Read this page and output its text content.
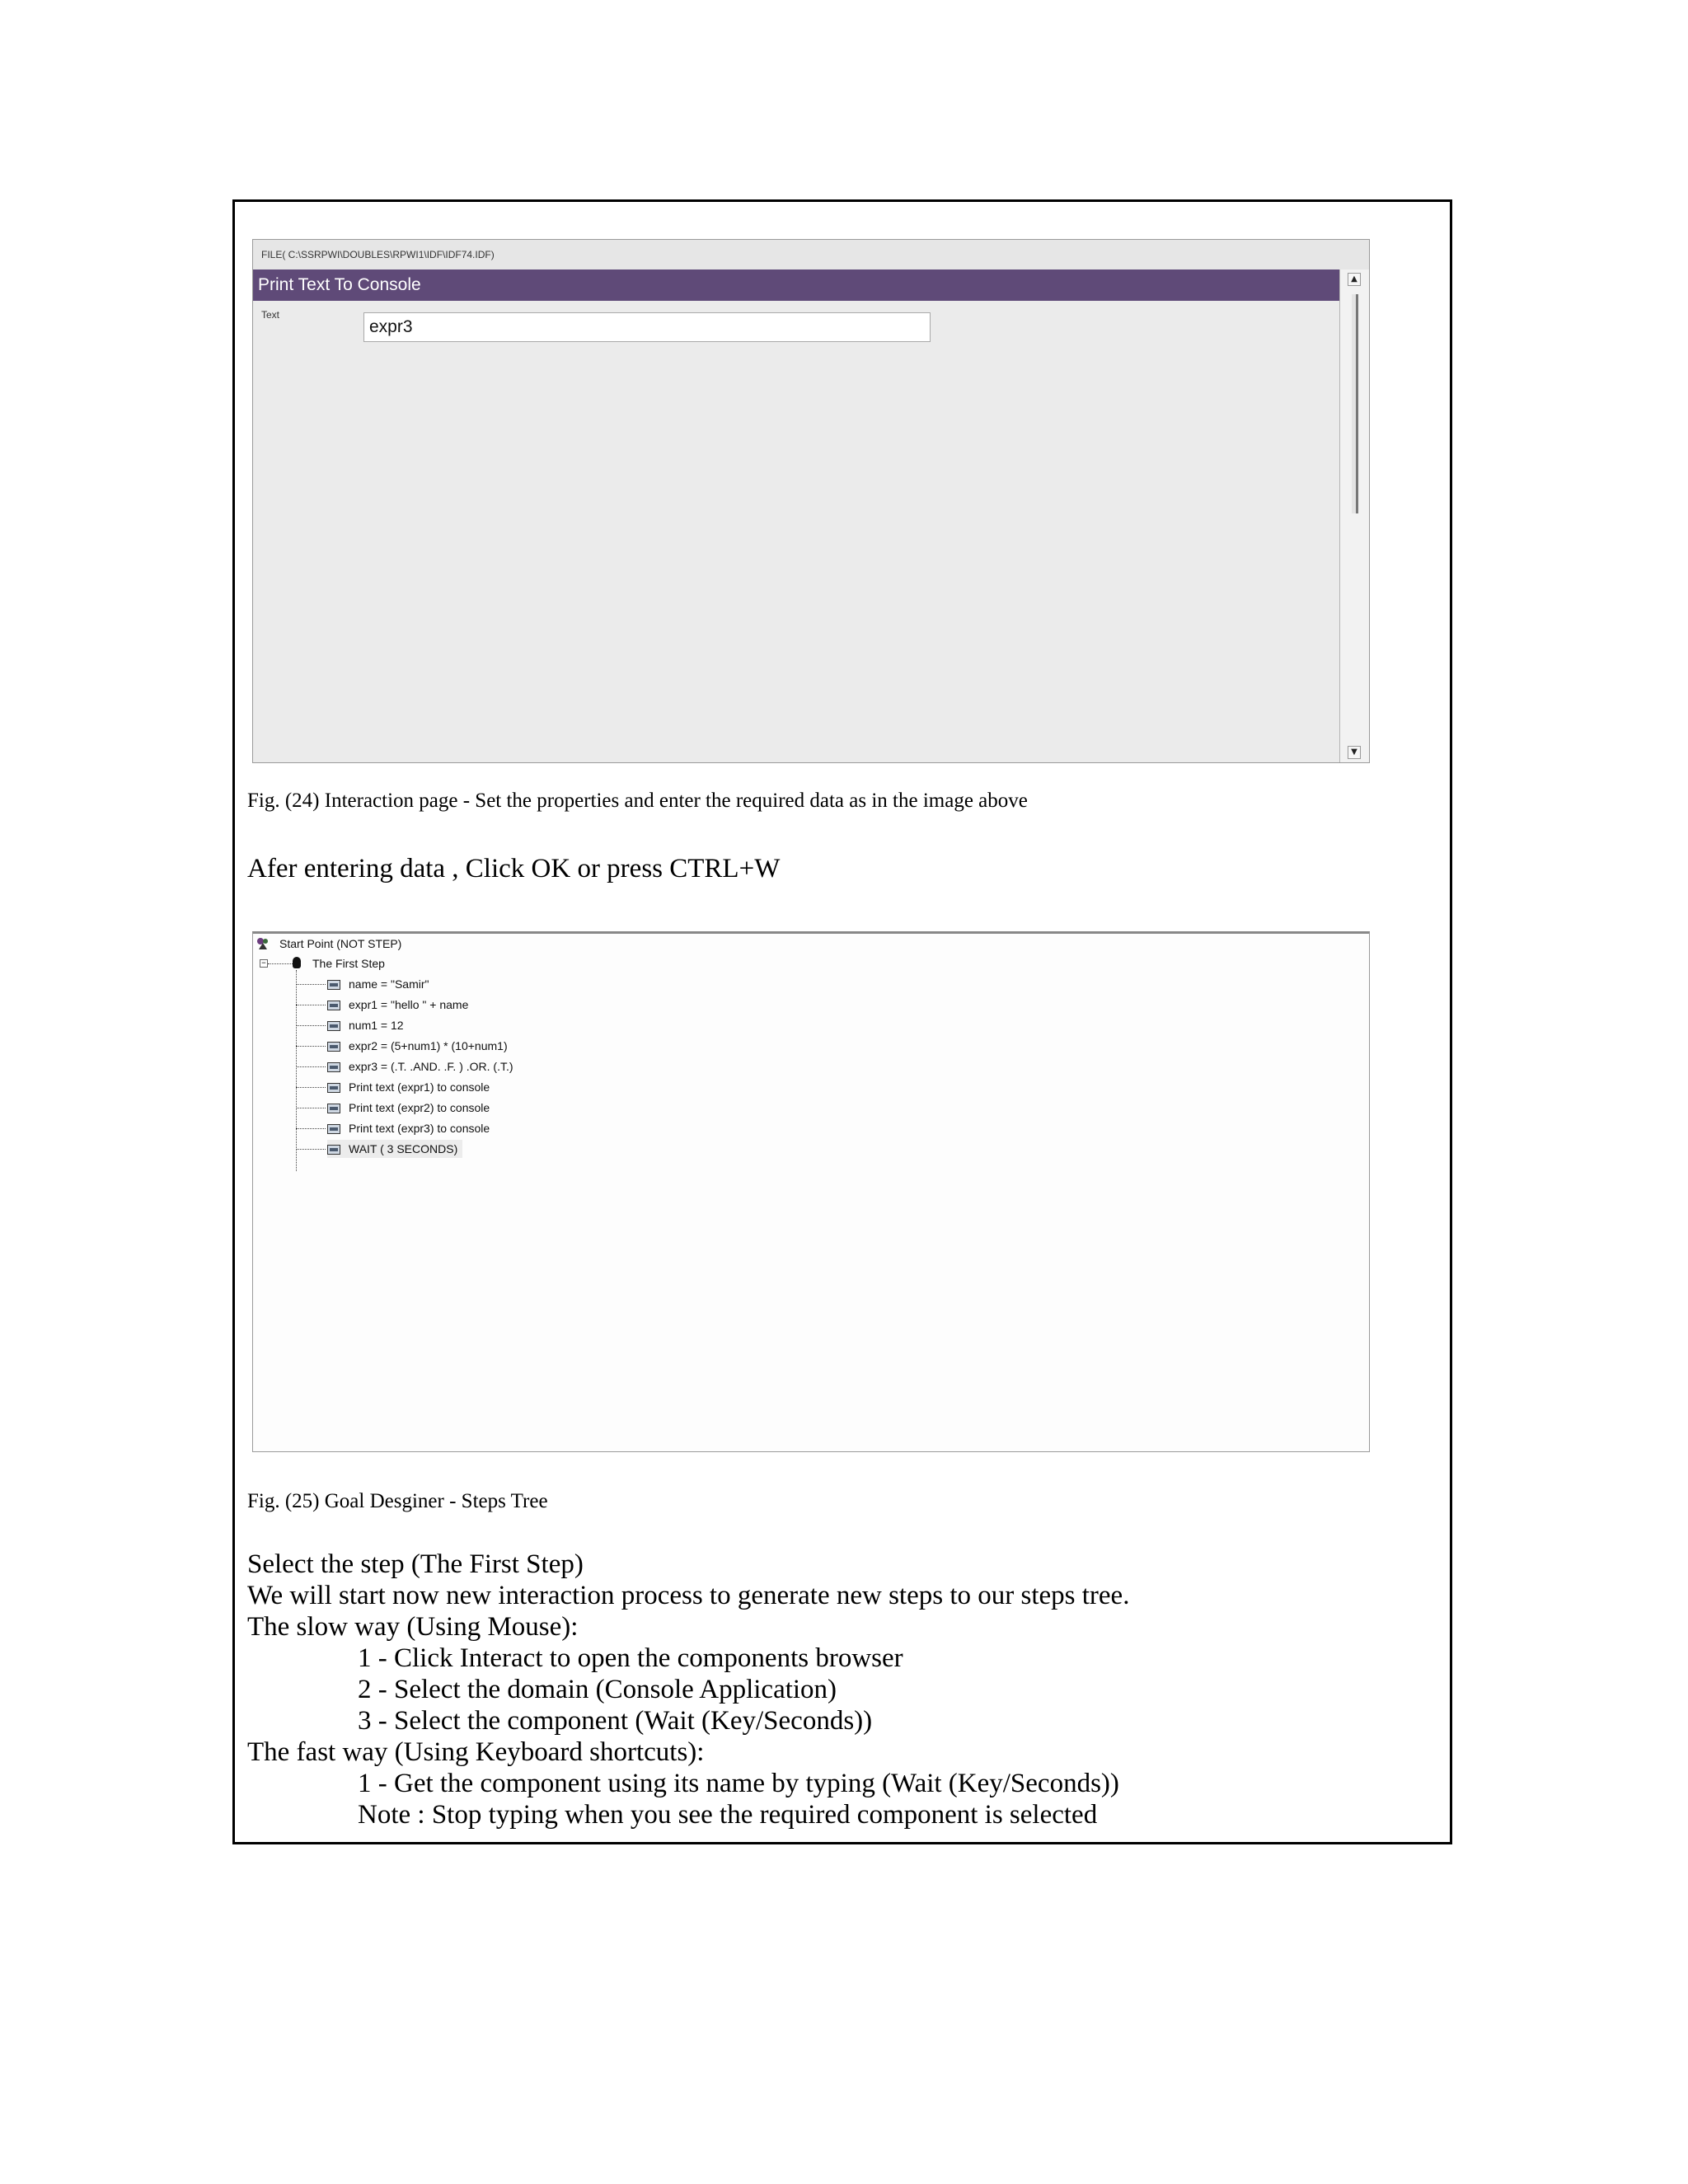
FILE( C:\SSRPWI\DOUBLES\RPWI1\IDF\IDF74.IDF)
Print Text To Console
Text
expr3
▲
▼
Fig. (24) Interaction page - Set the properties and enter the required data as in the image above
Afer entering data , Click OK or press CTRL+W
Start Point (NOT STEP)
−	The First Step
name = "Samir"
expr1 = "hello " + name
num1 = 12
expr2 = (5+num1) * (10+num1)
expr3 = (.T. .AND. .F. ) .OR. (.T.)
Print text (expr1) to console
Print text (expr2) to console
Print text (expr3) to console
WAIT ( 3 SECONDS)
Fig. (25) Goal Desginer - Steps Tree
Select the step (The First Step)
We will start now new interaction process to generate new steps to our steps tree.
The slow way (Using Mouse):
1 - Click Interact to open the components browser
2 - Select the domain (Console Application)
3 - Select the component (Wait (Key/Seconds))
The fast way (Using Keyboard shortcuts):
1 - Get the component using its name by typing (Wait (Key/Seconds))
Note : Stop typing when you see the required component is selected
